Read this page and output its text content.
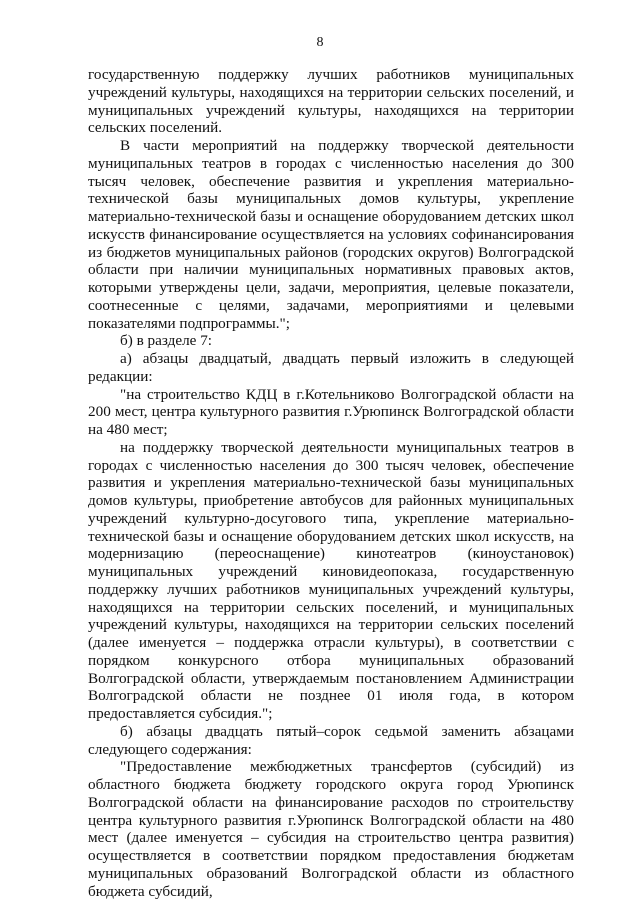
8

государственную поддержку лучших работников муниципальных учреждений культуры, находящихся на территории сельских поселений, и муниципальных учреждений культуры, находящихся на территории сельских поселений.

В части мероприятий на поддержку творческой деятельности муниципальных театров в городах с численностью населения до 300 тысяч человек, обеспечение развития и укрепления материально-технической базы муниципальных домов культуры, укрепление материально-технической базы и оснащение оборудованием детских школ искусств финансирование осуществляется на условиях софинансирования из бюджетов муниципальных районов (городских округов) Волгоградской области при наличии муниципальных нормативных правовых актов, которыми утверждены цели, задачи, мероприятия, целевые показатели, соотнесенные с целями, задачами, мероприятиями и целевыми показателями подпрограммы.";

б) в разделе 7:

а) абзацы двадцатый, двадцать первый изложить в следующей редакции:

"на строительство КДЦ в г.Котельниково Волгоградской области на 200 мест, центра культурного развития г.Урюпинск Волгоградской области на 480 мест;

на поддержку творческой деятельности муниципальных театров в городах с численностью населения до 300 тысяч человек, обеспечение развития и укрепления материально-технической базы муниципальных домов культуры, приобретение автобусов для районных муниципальных учреждений культурно-досугового типа, укрепление материально-технической базы и оснащение оборудованием детских школ искусств, на модернизацию (переоснащение) кинотеатров (киноустановок) муниципальных учреждений киновидеопоказа, государственную поддержку лучших работников муниципальных учреждений культуры, находящихся на территории сельских поселений, и муниципальных учреждений культуры, находящихся на территории сельских поселений (далее именуется – поддержка отрасли культуры), в соответствии с порядком конкурсного отбора муниципальных образований Волгоградской области, утверждаемым постановлением Администрации Волгоградской области не позднее 01 июля года, в котором предоставляется субсидия.";

б) абзацы двадцать пятый–сорок седьмой заменить абзацами следующего содержания:

"Предоставление межбюджетных трансфертов (субсидий) из областного бюджета бюджету городского округа город Урюпинск Волгоградской области на финансирование расходов по строительству центра культурного развития г.Урюпинск Волгоградской области на 480 мест (далее именуется – субсидия на строительство центра развития) осуществляется в соответствии порядком предоставления бюджетам муниципальных образований Волгоградской области из областного бюджета субсидий,
